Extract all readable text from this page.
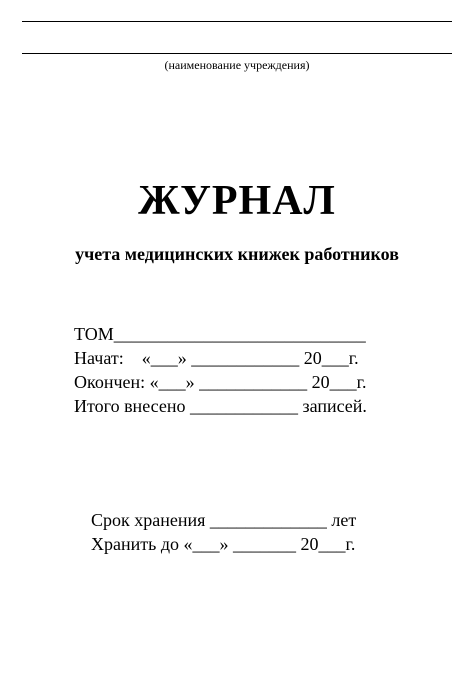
(наименование учреждения)
ЖУРНАЛ
учета медицинских книжек работников
ТОМ____________________________
Начат:    «___» ____________ 20___г.
Окончен: «___» ____________ 20___г.
Итого внесено ____________ записей.
Срок хранения _____________ лет
Хранить до «___» _______ 20___г.
